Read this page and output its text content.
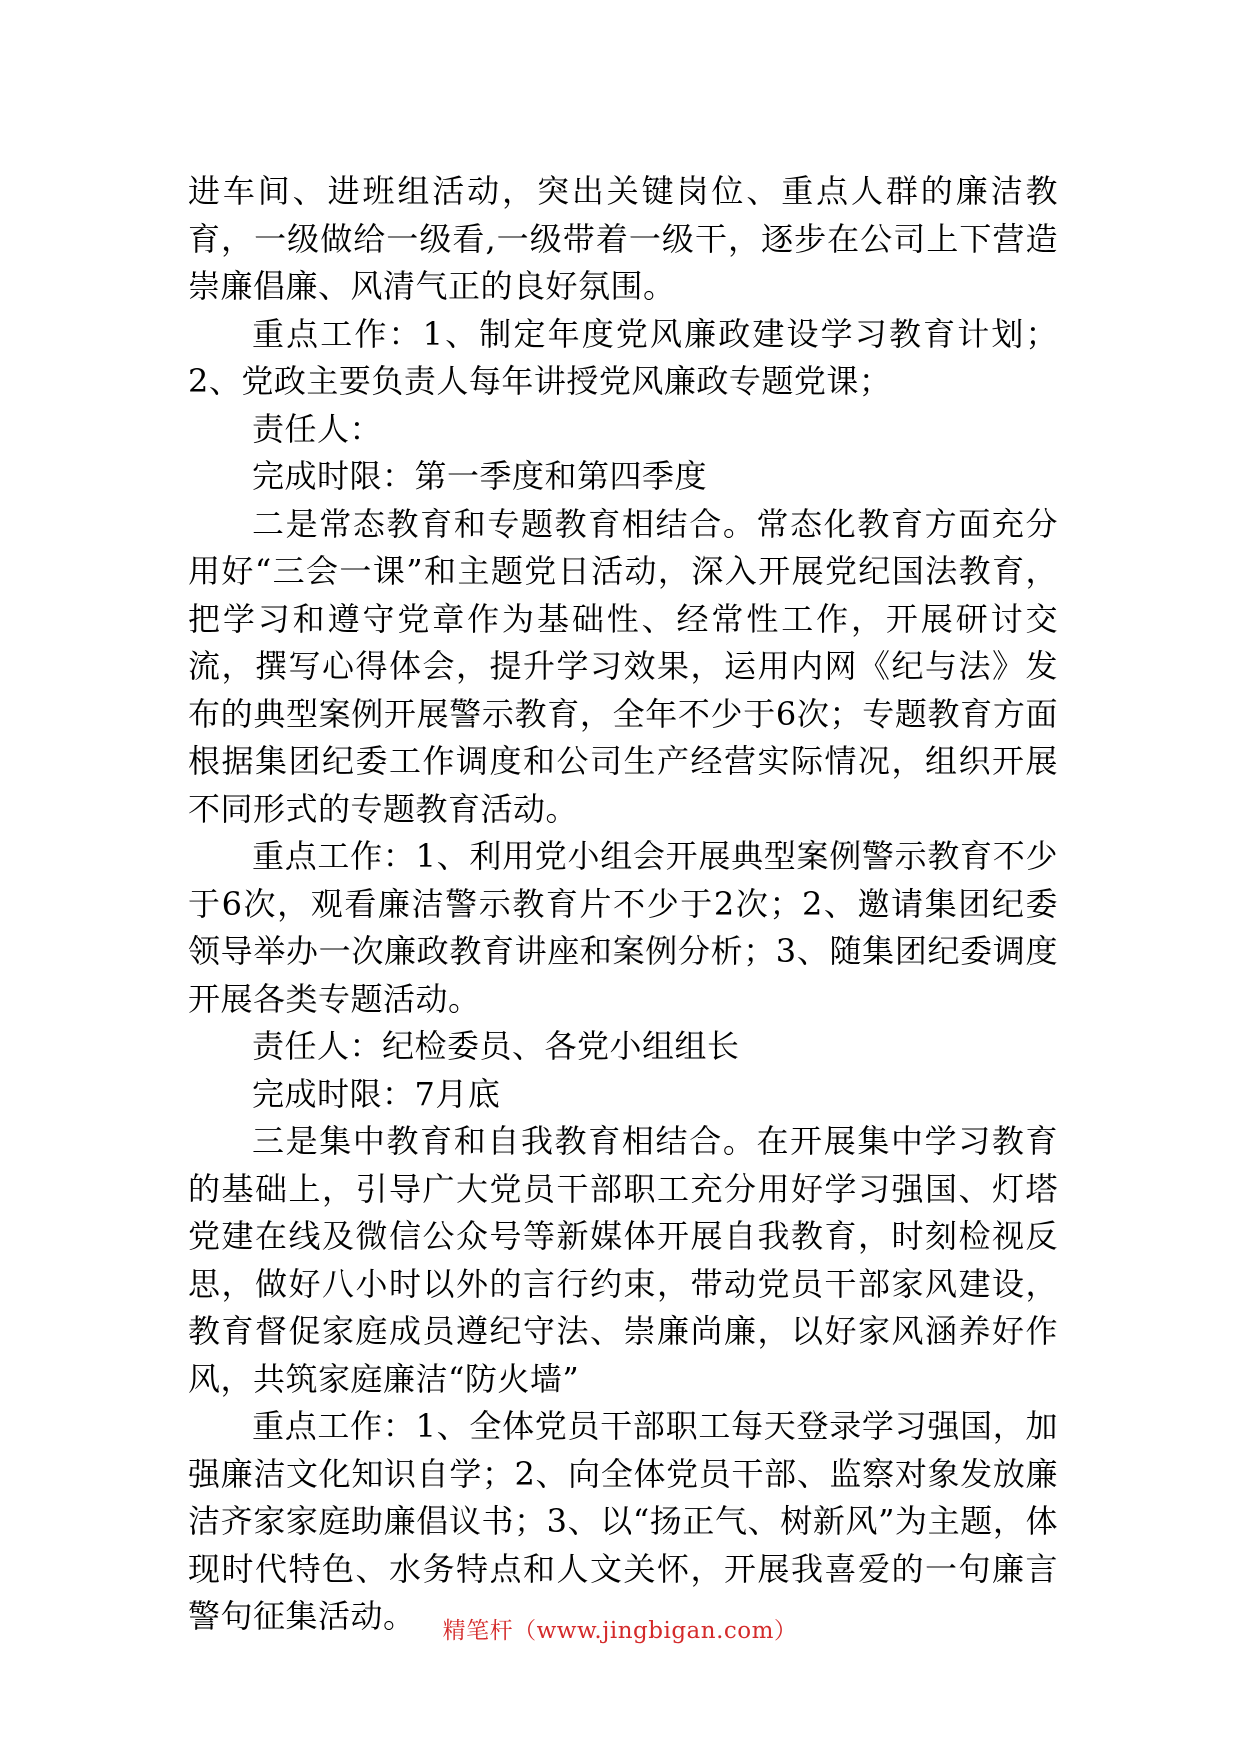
进车间、进班组活动，突出关键岗位、重点人群的廉洁教育，一级做给一级看,一级带着一级干，逐步在公司上下营造崇廉倡廉、风清气正的良好氛围。

重点工作：1、制定年度党风廉政建设学习教育计划；2、党政主要负责人每年讲授党风廉政专题党课；

责任人：

完成时限：第一季度和第四季度

二是常态教育和专题教育相结合。常态化教育方面充分用好“三会一课”和主题党日活动，深入开展党纪国法教育，把学习和遵守党章作为基础性、经常性工作，开展研讨交流，撰写心得体会，提升学习效果，运用内网《纪与法》发布的典型案例开展警示教育，全年不少于6次；专题教育方面根据集团纪委工作调度和公司生产经营实际情况，组织开展不同形式的专题教育活动。

重点工作：1、利用党小组会开展典型案例警示教育不少于6次，观看廉洁警示教育片不少于2次；2、邀请集团纪委领导举办一次廉政教育讲座和案例分析；3、随集团纪委调度开展各类专题活动。

责任人：纪检委员、各党小组组长

完成时限：7月底

三是集中教育和自我教育相结合。在开展集中学习教育的基础上，引导广大党员干部职工充分用好学习强国、灯塔党建在线及微信公众号等新媒体开展自我教育，时刻检视反思，做好八小时以外的言行约束，带动党员干部家风建设，教育督促家庭成员遵纪守法、崇廉尚廉，以好家风涵养好作风，共筑家庭廉洁“防火墙”

重点工作：1、全体党员干部职工每天登录学习强国，加强廉洁文化知识自学；2、向全体党员干部、监察对象发放廉洁齐家家庭助廉倡议书；3、以“扬正气、树新风”为主题，体现时代特色、水务特点和人文关怀，开展我喜爱的一句廉言警句征集活动。	精笔杆（www.jingbigan.com）
